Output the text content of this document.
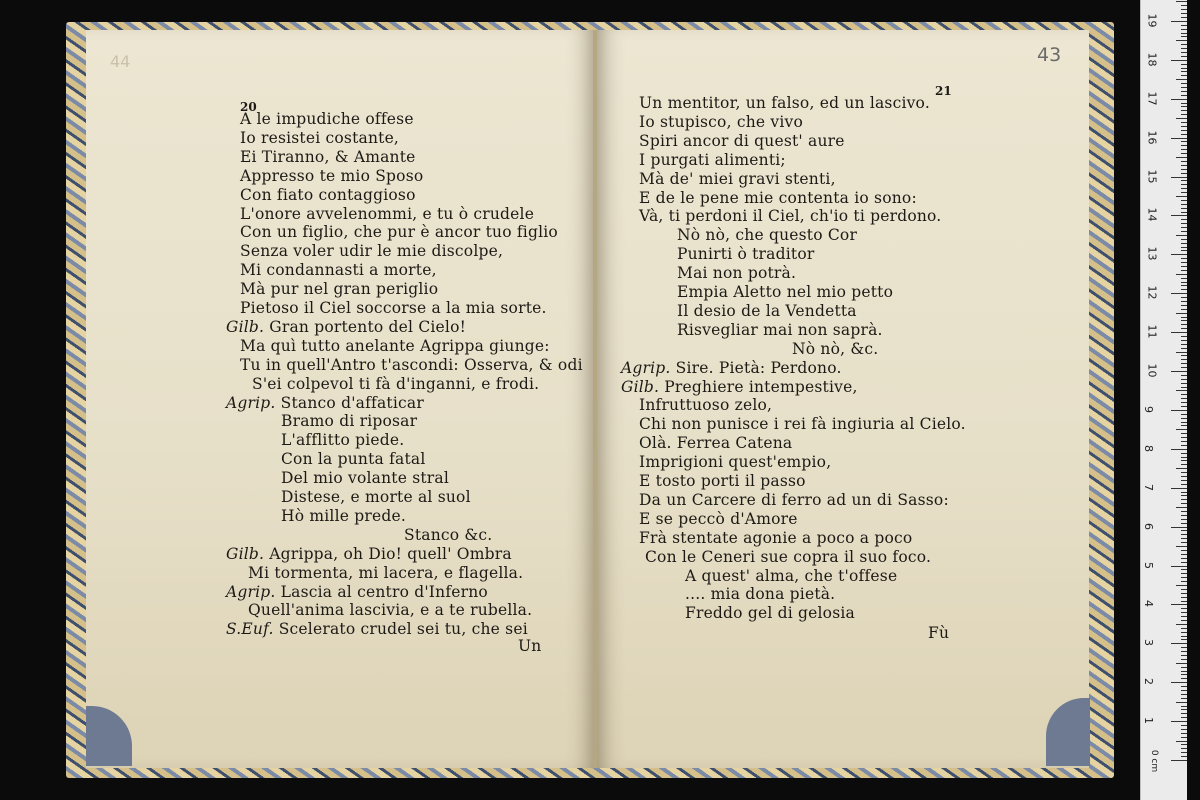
44
20
A le impudiche offese
Io resistei costante,
Ei Tiranno, & Amante
Appresso te mio Sposo
Con fiato contaggioso
L'onore avvelenommi, e tu ò crudele
Con un figlio, che pur è ancor tuo figlio
Senza voler udir le mie discolpe,
Mi condannasti a morte,
Mà pur nel gran periglio
Pietoso il Ciel soccorse a la mia sorte.
Gilb. Gran portento del Cielo!
Ma quì tutto anelante Agrippa giunge:
Tu in quell'Antro t'ascondi: Osserva, & odi
S'ei colpevol ti fà d'inganni, e frodi.
Agrip. Stanco d'affaticar
Bramo di riposar
L'afflitto piede.
Con la punta fatal
Del mio volante stral
Distese, e morte al suol
Hò mille prede.
Stanco &c.
Gilb. Agrippa, oh Dio! quell' Ombra
Mi tormenta, mi lacera, e flagella.
Agrip. Lascia al centro d'Inferno
Quell'anima lascivia, e a te rubella.
S.Euf. Scelerato crudel sei tu, che sei
Un
43
21
Un mentitor, un falso, ed un lascivo.
Io stupisco, che vivo
Spiri ancor di quest' aure
I purgati alimenti;
Mà de' miei gravi stenti,
E de le pene mie contenta io sono:
Và, ti perdoni il Ciel, ch'io ti perdono.
Nò nò, che questo Cor
Punirti ò traditor
Mai non potrà.
Empia Aletto nel mio petto
Il desio de la Vendetta
Risvegliar mai non saprà.
Nò nò, &c.
Agrip. Sire. Pietà: Perdono.
Gilb. Preghiere intempestive,
Infruttuoso zelo,
Chi non punisce i rei fà ingiuria al Cielo.
Olà. Ferrea Catena
Imprigioni quest'empio,
E tosto porti il passo
Da un Carcere di ferro ad un di Sasso:
E se peccò d'Amore
Frà stentate agonie a poco a poco
Con le Ceneri sue copra il suo foco.
A quest' alma, che t'offese
.... mia dona pietà.
Freddo gel di gelosia
Fù
0 cm
1
2
3
4
5
6
7
8
9
10
11
12
13
14
15
16
17
18
19
